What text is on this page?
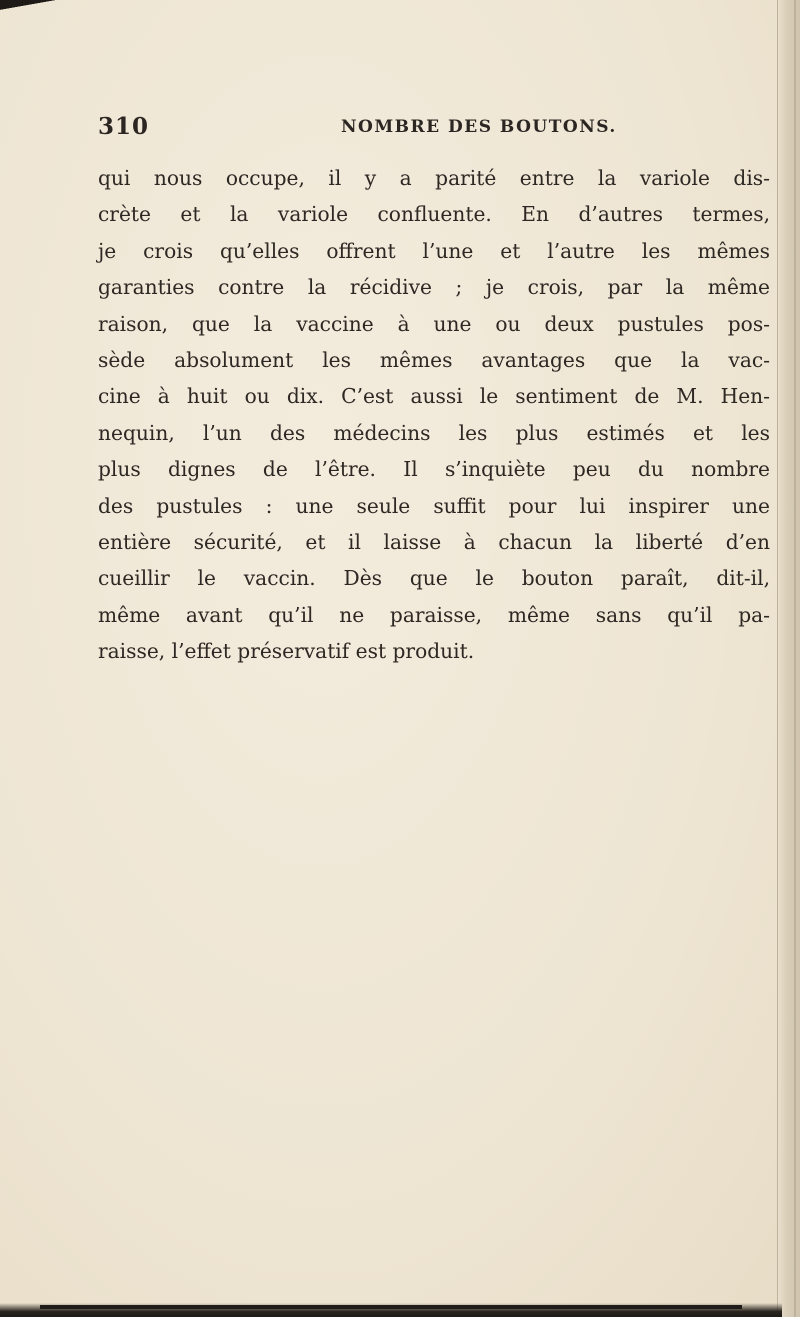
310	NOMBRE DES BOUTONS.
qui nous occupe, il y a parité entre la variole dis-
crète et la variole confluente. En d’autres termes,
je crois qu’elles offrent l’une et l’autre les mêmes
garanties contre la récidive ; je crois, par la même
raison, que la vaccine à une ou deux pustules pos-
sède absolument les mêmes avantages que la vac-
cine à huit ou dix. C’est aussi le sentiment de M. Hen-
nequin, l’un des médecins les plus estimés et les
plus dignes de l’être. Il s’inquiète peu du nombre
des pustules : une seule suffit pour lui inspirer une
entière sécurité, et il laisse à chacun la liberté d’en
cueillir le vaccin. Dès que le bouton paraît, dit-il,
même avant qu’il ne paraisse, même sans qu’il pa-
raisse, l’effet préservatif est produit.
